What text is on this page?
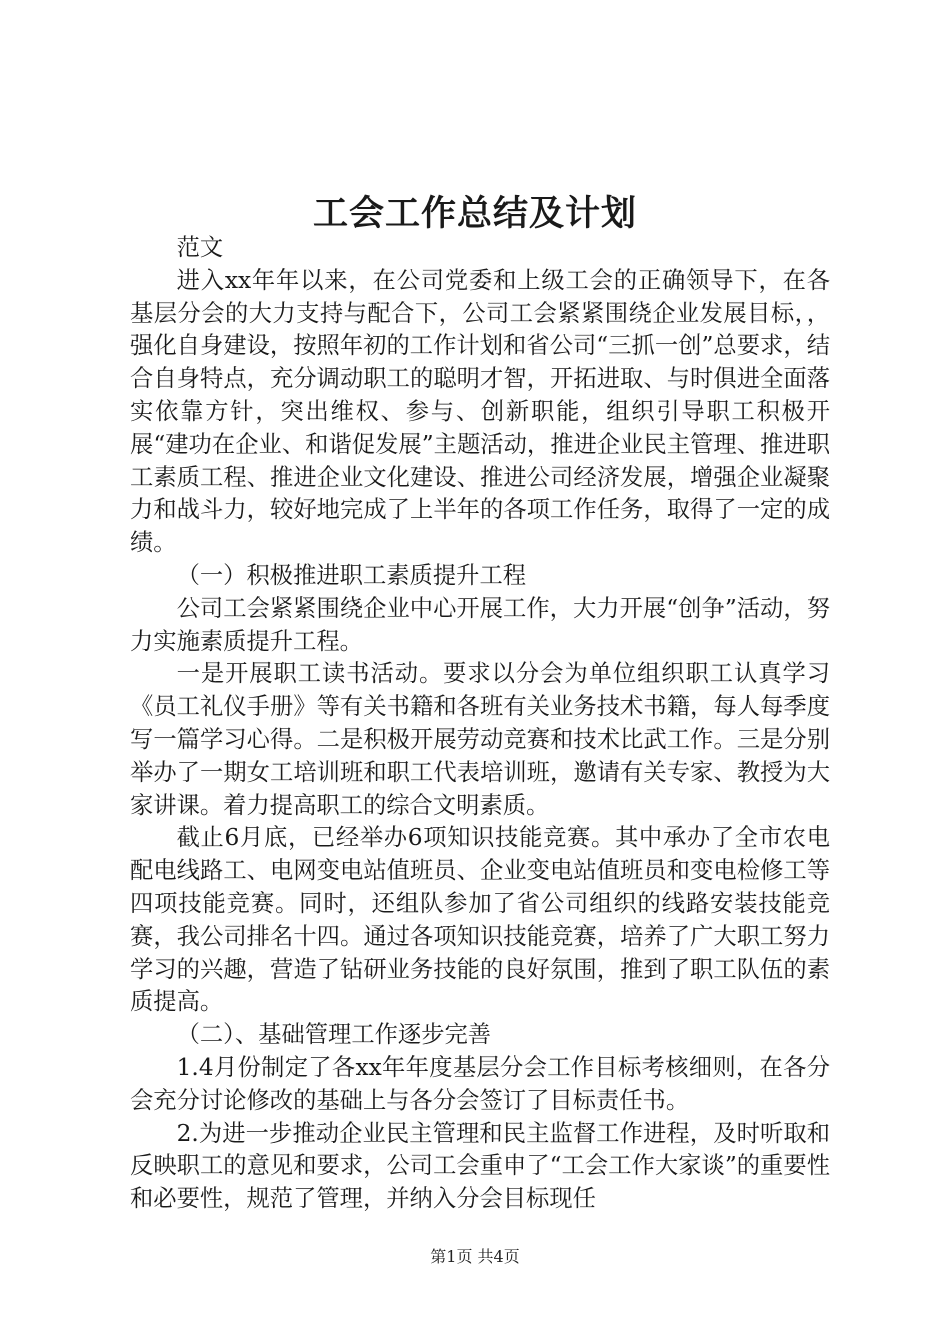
工会工作总结及计划

范文

进入xx年年以来，在公司党委和上级工会的正确领导下，在各基层分会的大力支持与配合下，公司工会紧紧围绕企业发展目标，，强化自身建设，按照年初的工作计划和省公司“三抓一创”总要求，结合自身特点，充分调动职工的聪明才智，开拓进取、与时俱进全面落实依靠方针，突出维权、参与、创新职能，组织引导职工积极开展“建功在企业、和谐促发展”主题活动，推进企业民主管理、推进职工素质工程、推进企业文化建设、推进公司经济发展，增强企业凝聚力和战斗力，较好地完成了上半年的各项工作任务，取得了一定的成绩。

（一）积极推进职工素质提升工程

公司工会紧紧围绕企业中心开展工作，大力开展“创争”活动，努力实施素质提升工程。

一是开展职工读书活动。要求以分会为单位组织职工认真学习《员工礼仪手册》等有关书籍和各班有关业务技术书籍，每人每季度写一篇学习心得。二是积极开展劳动竞赛和技术比武工作。三是分别举办了一期女工培训班和职工代表培训班，邀请有关专家、教授为大家讲课。着力提高职工的综合文明素质。

截止6月底，已经举办6项知识技能竞赛。其中承办了全市农电配电线路工、电网变电站值班员、企业变电站值班员和变电检修工等四项技能竞赛。同时，还组队参加了省公司组织的线路安装技能竞赛，我公司排名十四。通过各项知识技能竞赛，培养了广大职工努力学习的兴趣，营造了钻研业务技能的良好氛围，推到了职工队伍的素质提高。

（二）、基础管理工作逐步完善

1.4月份制定了各xx年年度基层分会工作目标考核细则，在各分会充分讨论修改的基础上与各分会签订了目标责任书。

2.为进一步推动企业民主管理和民主监督工作进程，及时听取和反映职工的意见和要求，公司工会重申了“工会工作大家谈”的重要性和必要性，规范了管理，并纳入分会目标现任

第1页 共4页
